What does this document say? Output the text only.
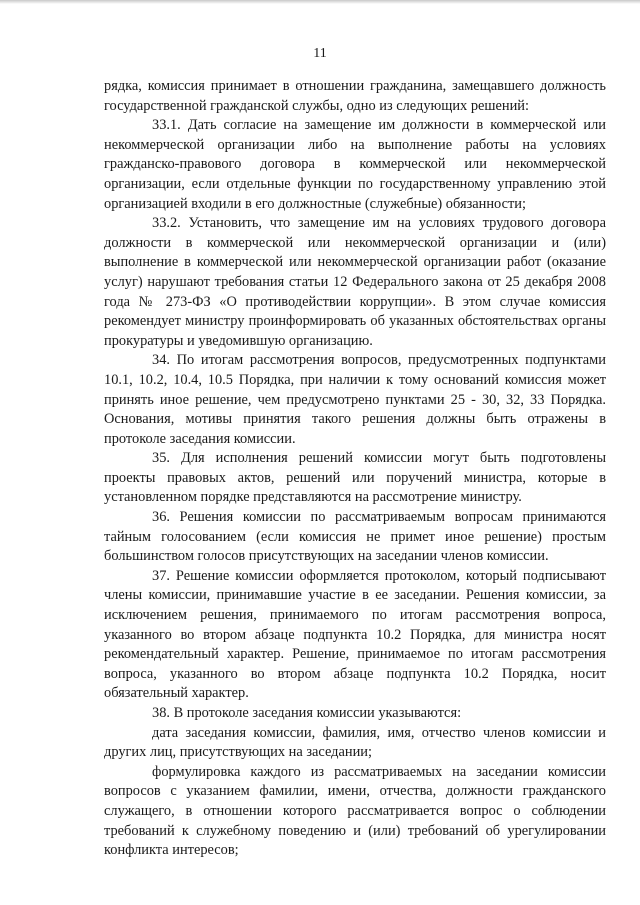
11

рядка, комиссия принимает в отношении гражданина, замещавшего должность государственной гражданской службы, одно из следующих решений:

33.1. Дать согласие на замещение им должности в коммерческой или некоммерческой организации либо на выполнение работы на условиях гражданско-правового договора в коммерческой или некоммерческой организации, если отдельные функции по государственному управлению этой организацией входили в его должностные (служебные) обязанности;

33.2. Установить, что замещение им на условиях трудового договора должности в коммерческой или некоммерческой организации и (или) выполнение в коммерческой или некоммерческой организации работ (оказание услуг) нарушают требования статьи 12 Федерального закона от 25 декабря 2008 года № 273-ФЗ «О противодействии коррупции». В этом случае комиссия рекомендует министру проинформировать об указанных обстоятельствах органы прокуратуры и уведомившую организацию.

34. По итогам рассмотрения вопросов, предусмотренных подпунктами 10.1, 10.2, 10.4, 10.5 Порядка, при наличии к тому оснований комиссия может принять иное решение, чем предусмотрено пунктами 25 - 30, 32, 33 Порядка. Основания, мотивы принятия такого решения должны быть отражены в протоколе заседания комиссии.

35. Для исполнения решений комиссии могут быть подготовлены проекты правовых актов, решений или поручений министра, которые в установленном порядке представляются на рассмотрение министру.

36. Решения комиссии по рассматриваемым вопросам принимаются тайным голосованием (если комиссия не примет иное решение) простым большинством голосов присутствующих на заседании членов комиссии.

37. Решение комиссии оформляется протоколом, который подписывают члены комиссии, принимавшие участие в ее заседании. Решения комиссии, за исключением решения, принимаемого по итогам рассмотрения вопроса, указанного во втором абзаце подпункта 10.2 Порядка, для министра носят рекомендательный характер. Решение, принимаемое по итогам рассмотрения вопроса, указанного во втором абзаце подпункта 10.2 Порядка, носит обязательный характер.

38. В протоколе заседания комиссии указываются:

дата заседания комиссии, фамилия, имя, отчество членов комиссии и других лиц, присутствующих на заседании;

формулировка каждого из рассматриваемых на заседании комиссии вопросов с указанием фамилии, имени, отчества, должности гражданского служащего, в отношении которого рассматривается вопрос о соблюдении требований к служебному поведению и (или) требований об урегулировании конфликта интересов;
